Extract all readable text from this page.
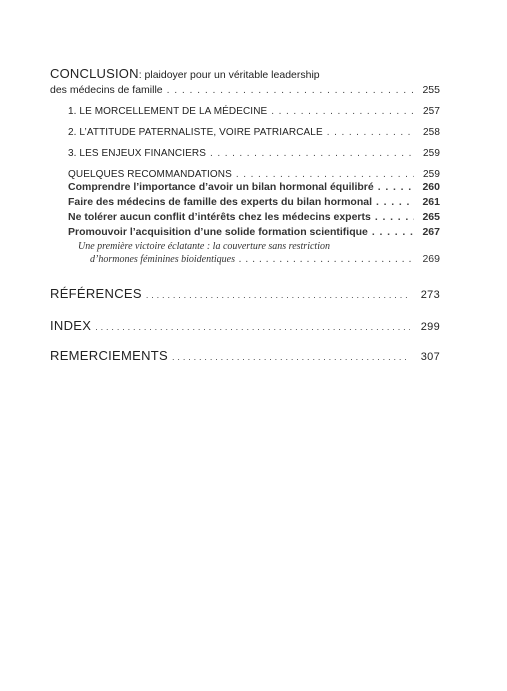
CONCLUSION: plaidoyer pour un véritable leadership
des médecins de famille . . .	255
1. LE MORCELLEMENT DE LA MÉDECINE . . .	257
2. L’ATTITUDE PATERNALISTE, VOIRE PATRIARCALE . . .	258
3. LES ENJEUX FINANCIERS . . .	259
QUELQUES RECOMMANDATIONS . . .	259
Comprendre l’importance d’avoir un bilan hormonal équilibré . . .	260
Faire des médecins de famille des experts du bilan hormonal . . .	261
Ne tolérer aucun conflit d’intérêts chez les médecins experts . . .	265
Promouvoir l’acquisition d’une solide formation scientifique . . .	267
Une première victoire éclatante : la couverture sans restriction
d’hormones féminines bioidentiques . . .	269
RÉFÉRENCES . . .	273
INDEX . . .	299
REMERCIEMENTS . . .	307
